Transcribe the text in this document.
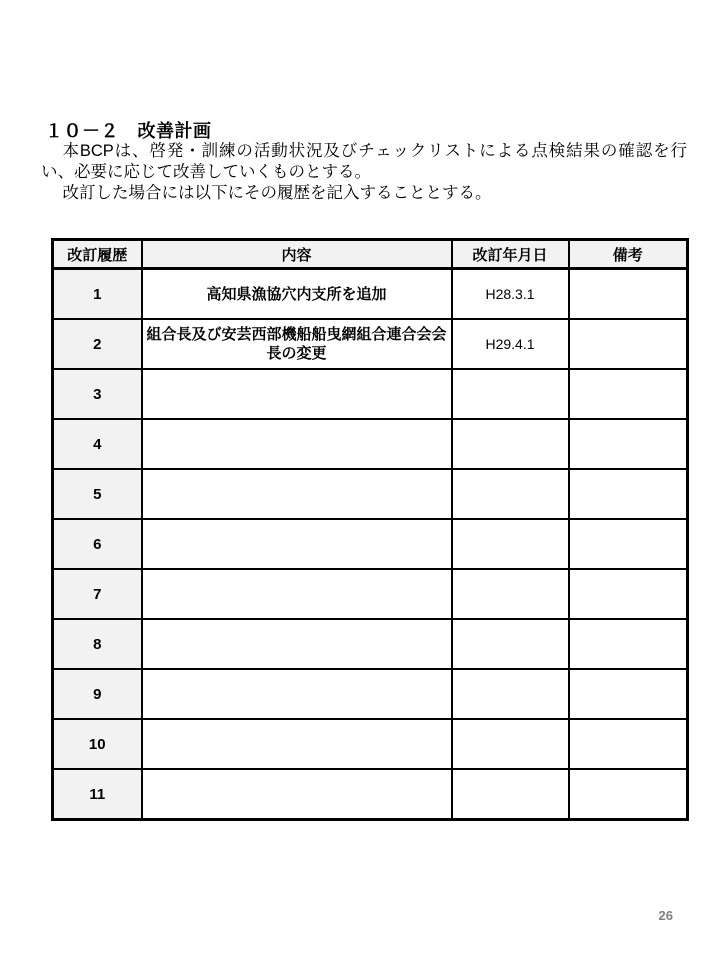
１０－２　改善計画

本BCPは、啓発・訓練の活動状況及びチェックリストによる点検結果の確認を行い、必要に応じて改善していくものとする。

改訂した場合には以下にその履歴を記入することとする。

改訂履歴	内容	改訂年月日	備考
1	高知県漁協穴内支所を追加	H28.3.1	
2	組合長及び安芸西部機船船曳網組合連合会会長の変更	H29.4.1	
3			
4			
5			
6			
7			
8			
9			
10			
11			
26
